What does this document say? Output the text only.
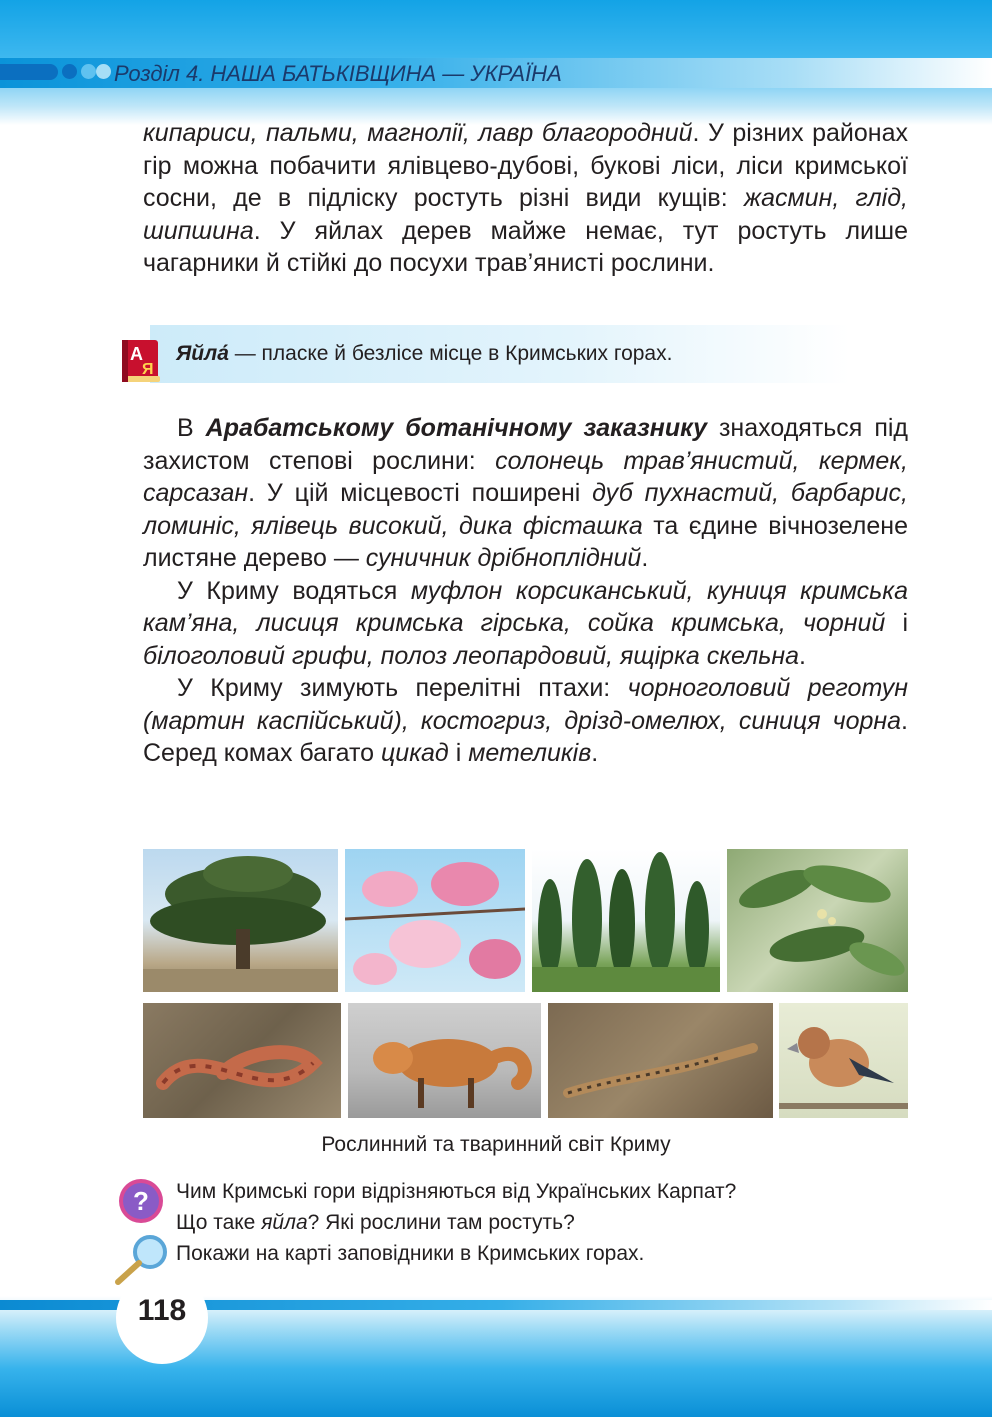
Розділ 4. НАША БАТЬКІВЩИНА — УКРАЇНА

кипариси, пальми, магнолії, лавр благородний. У різних районах гір можна побачити ялівцево-дубові, букові ліси, ліси кримської сосни, де в підліску ростуть різні види кущів: жасмин, глід, шипшина. У яйлах дерев майже немає, тут ростуть лише чагарники й стійкі до посухи трав’янисті рослини.

A
Я
Яйла́ — пласке й безлісе місце в Кримських горах.

В Арабатському ботанічному заказнику знаходяться під захистом степові рослини: солонець трав’янистий, кермек, сарсазан. У цій місцевості поширені дуб пухнастий, барбарис, ломиніс, ялівець високий, дика фісташка та єдине вічнозелене листяне дерево — суничник дрібноплідний.

У Криму водяться муфлон корсиканський, куниця кримська кам’яна, лисиця кримська гірська, сойка кримська, чорний і білоголовий грифи, полоз леопардовий, ящірка скельна.

У Криму зимують перелітні птахи: чорноголовий реготун (мартин каспійський), костогриз, дрізд-омелюх, синиця чорна. Серед комах багато цикад і метеликів.

Рослинний та тваринний світ Криму
? Чим Кримські гори відрізняються від Українських Карпат?
Що таке яйла? Які рослини там ростуть?
Покажи на карті заповідники в Кримських горах.
118
